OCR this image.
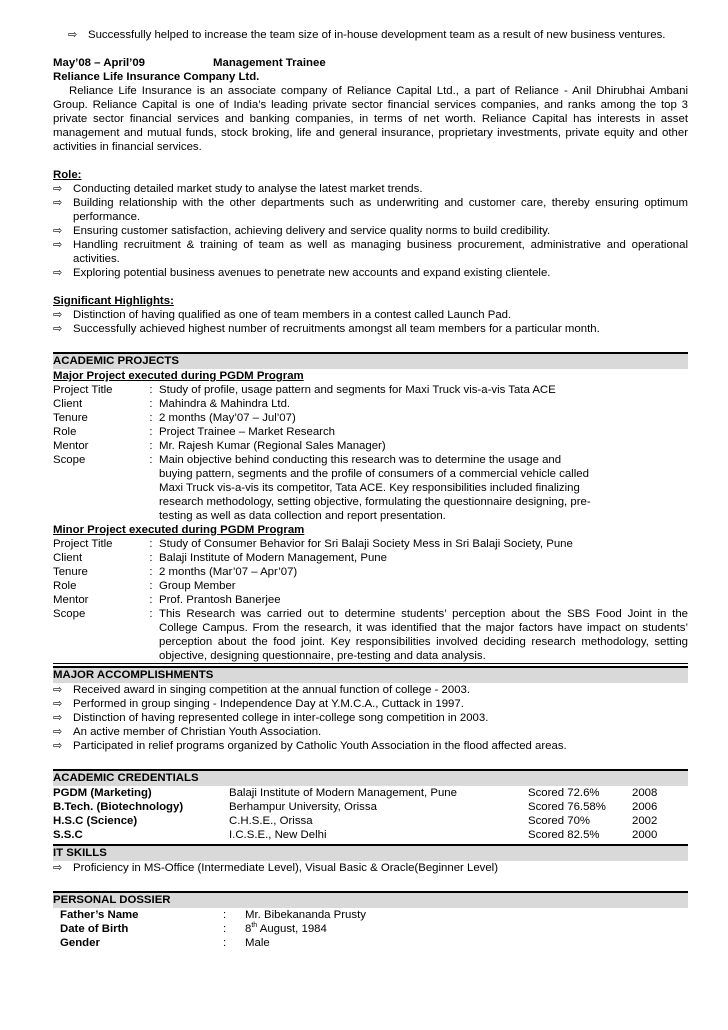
⇨ Successfully helped to increase the team size of in-house development team as a result of new business ventures.
May’08 – April’09	Management Trainee
Reliance Life Insurance Company Ltd.
Reliance Life Insurance is an associate company of Reliance Capital Ltd., a part of Reliance - Anil Dhirubhai Ambani Group. Reliance Capital is one of India’s leading private sector financial services companies, and ranks among the top 3 private sector financial services and banking companies, in terms of net worth. Reliance Capital has interests in asset management and mutual funds, stock broking, life and general insurance, proprietary investments, private equity and other activities in financial services.
Role:
⇨ Conducting detailed market study to analyse the latest market trends.
⇨ Building relationship with the other departments such as underwriting and customer care, thereby ensuring optimum performance.
⇨ Ensuring customer satisfaction, achieving delivery and service quality norms to build credibility.
⇨ Handling recruitment & training of team as well as managing business procurement, administrative and operational activities.
⇨ Exploring potential business avenues to penetrate new accounts and expand existing clientele.
Significant Highlights:
⇨ Distinction of having qualified as one of team members in a contest called Launch Pad.
⇨ Successfully achieved highest number of recruitments amongst all team members for a particular month.
ACADEMIC PROJECTS
Major Project executed during PGDM Program
Project Title	: Study of profile, usage pattern and segments for Maxi Truck vis-a-vis Tata ACE
Client	: Mahindra & Mahindra Ltd.
Tenure	: 2 months (May’07 – Jul’07)
Role	: Project Trainee – Market Research
Mentor	: Mr. Rajesh Kumar (Regional Sales Manager)
Scope	: Main objective behind conducting this research was to determine the usage and
buying pattern, segments and the profile of consumers of a commercial vehicle called
Maxi Truck vis-a-vis its competitor, Tata ACE. Key responsibilities included finalizing
research methodology, setting objective, formulating the questionnaire designing, pre-
testing as well as data collection and report presentation.
Minor Project executed during PGDM Program
Project Title	: Study of Consumer Behavior for Sri Balaji Society Mess in Sri Balaji Society, Pune
Client	: Balaji Institute of Modern Management, Pune
Tenure	: 2 months (Mar’07 – Apr’07)
Role	: Group Member
Mentor	: Prof. Prantosh Banerjee
Scope	: This Research was carried out to determine students’ perception about the SBS Food Joint in the College Campus. From the research, it was identified that the major factors have impact on students’ perception about the food joint. Key responsibilities involved deciding research methodology, setting objective, designing questionnaire, pre-testing and data analysis.
MAJOR ACCOMPLISHMENTS
⇨ Received award in singing competition at the annual function of college - 2003.
⇨ Performed in group singing - Independence Day at Y.M.C.A., Cuttack in 1997.
⇨ Distinction of having represented college in inter-college song competition in 2003.
⇨ An active member of Christian Youth Association.
⇨ Participated in relief programs organized by Catholic Youth Association in the flood affected areas.
ACADEMIC CREDENTIALS
PGDM (Marketing)	Balaji Institute of Modern Management, Pune	Scored 72.6%	2008
B.Tech. (Biotechnology)	Berhampur University, Orissa	Scored 76.58%	2006
H.S.C (Science)	C.H.S.E., Orissa	Scored 70%	2002
S.S.C	I.C.S.E., New Delhi	Scored 82.5%	2000
IT SKILLS
⇨ Proficiency in MS-Office (Intermediate Level), Visual Basic & Oracle(Beginner Level)
PERSONAL DOSSIER
Father’s Name	:	Mr. Bibekananda Prusty
Date of Birth	:	8th August, 1984
Gender	:	Male
